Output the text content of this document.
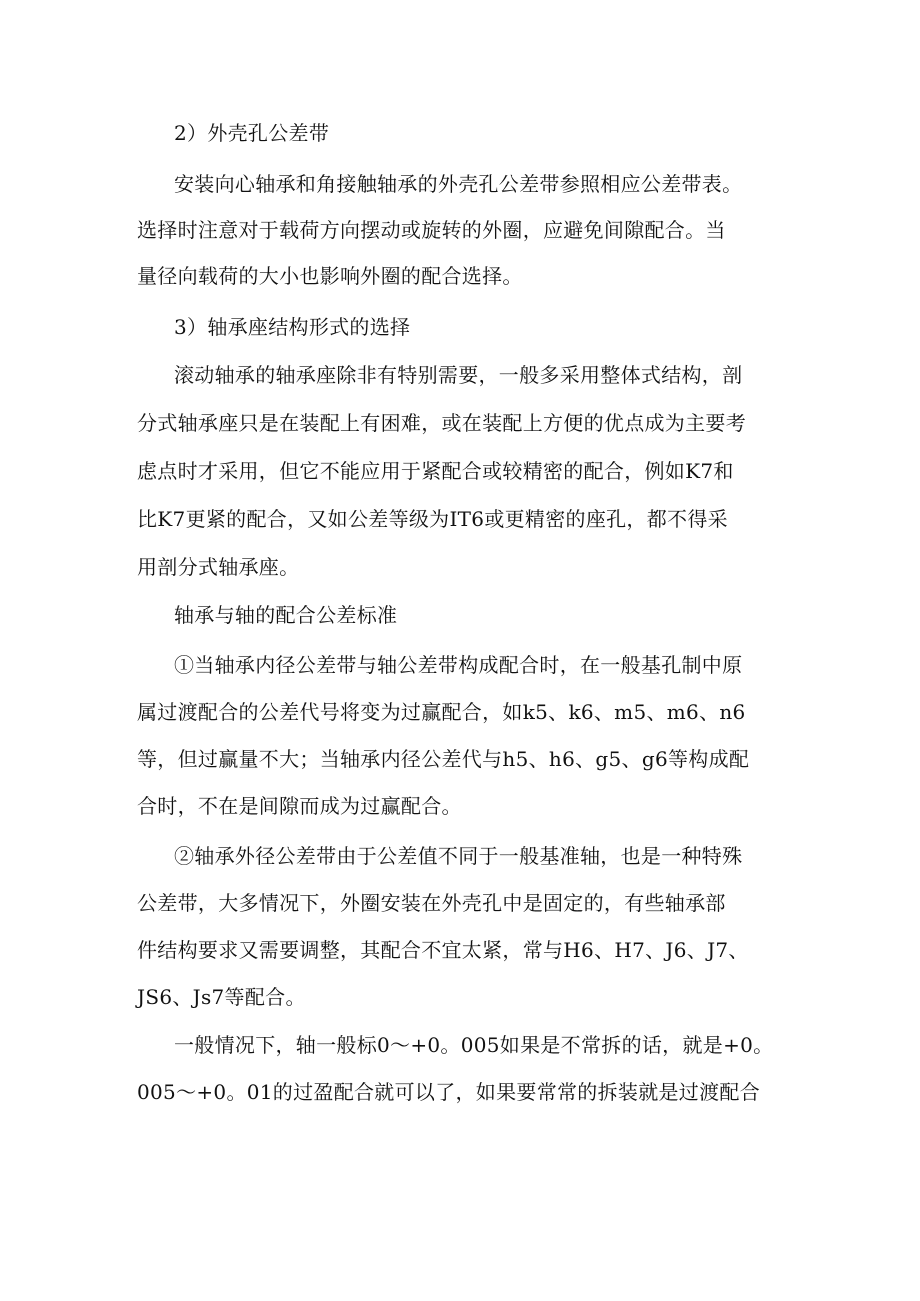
2）外壳孔公差带
安装向心轴承和角接触轴承的外壳孔公差带参照相应公差带表。
选择时注意对于载荷方向摆动或旋转的外圈，应避免间隙配合。当
量径向载荷的大小也影响外圈的配合选择。
3）轴承座结构形式的选择
滚动轴承的轴承座除非有特别需要，一般多采用整体式结构，剖
分式轴承座只是在装配上有困难，或在装配上方便的优点成为主要考
虑点时才采用，但它不能应用于紧配合或较精密的配合，例如K7和
比K7更紧的配合，又如公差等级为IT6或更精密的座孔，都不得采
用剖分式轴承座。
轴承与轴的配合公差标准
①当轴承内径公差带与轴公差带构成配合时，在一般基孔制中原
属过渡配合的公差代号将变为过赢配合，如k5、k6、m5、m6、n6
等，但过赢量不大；当轴承内径公差代与h5、h6、g5、g6等构成配
合时，不在是间隙而成为过赢配合。
②轴承外径公差带由于公差值不同于一般基准轴，也是一种特殊
公差带，大多情况下，外圈安装在外壳孔中是固定的，有些轴承部
件结构要求又需要调整，其配合不宜太紧，常与H6、H7、J6、J7、
JS6、Js7等配合。
一般情况下，轴一般标0～+0。005如果是不常拆的话，就是+0。
005～+0。01的过盈配合就可以了，如果要常常的拆装就是过渡配合
